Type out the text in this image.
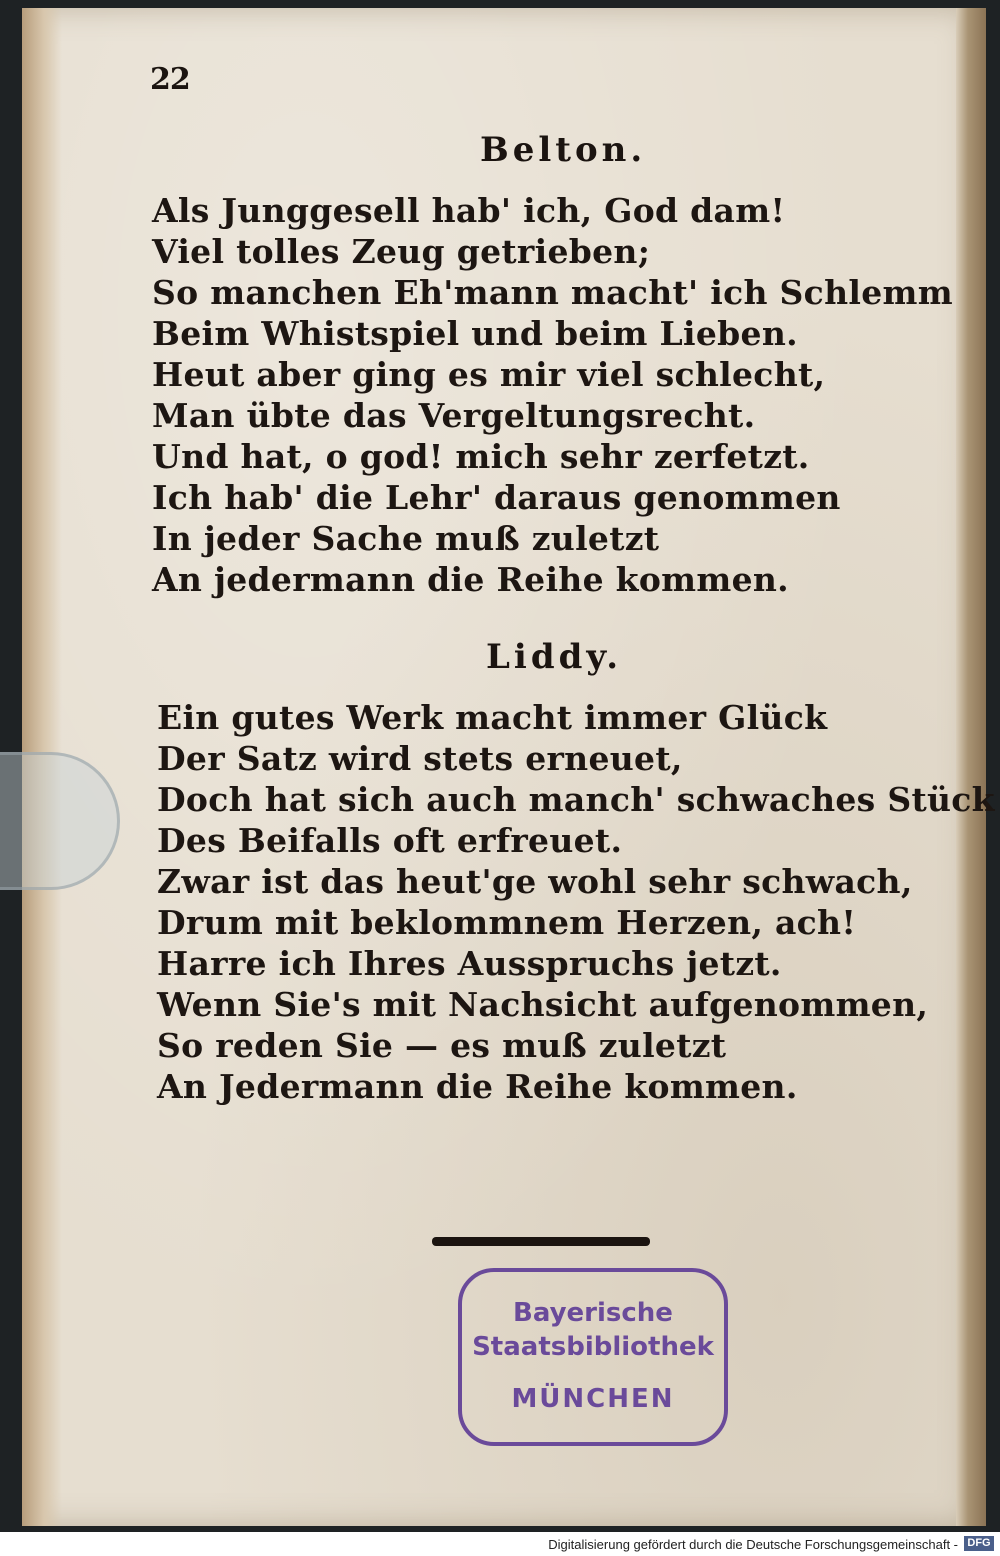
22
Belton.
Als Junggesell hab' ich, God dam!
Viel tolles Zeug getrieben;
So manchen Eh'mann macht' ich Schlemm
Beim Whistspiel und beim Lieben.
Heut aber ging es mir viel schlecht,
Man übte das Vergeltungsrecht.
Und hat, o god! mich sehr zerfetzt.
Ich hab' die Lehr' daraus genommen
In jeder Sache muß zuletzt
An jedermann die Reihe kommen.
Liddy.
Ein gutes Werk macht immer Glück
Der Satz wird stets erneuet,
Doch hat sich auch manch' schwaches Stück
Des Beifalls oft erfreuet.
Zwar ist das heut'ge wohl sehr schwach,
Drum mit beklommnem Herzen, ach!
Harre ich Ihres Ausspruchs jetzt.
Wenn Sie's mit Nachsicht aufgenommen,
So reden Sie — es muß zuletzt
An Jedermann die Reihe kommen.
Bayerische
Staatsbibliothek
MÜNCHEN
Digitalisierung gefördert durch die Deutsche Forschungsgemeinschaft - DFG
